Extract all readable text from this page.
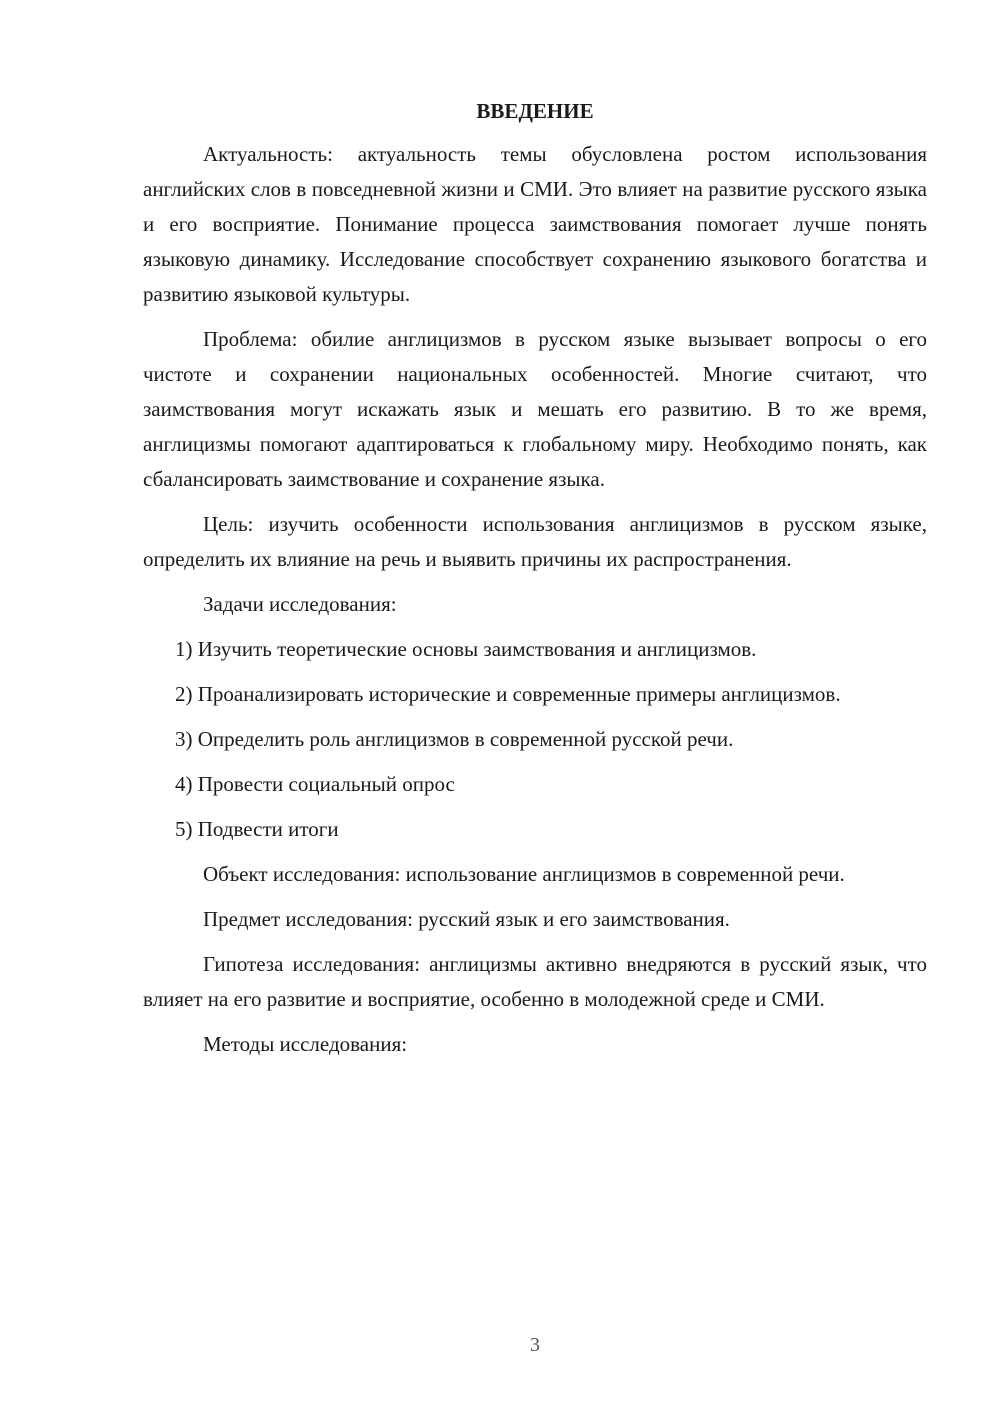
ВВЕДЕНИЕ

Актуальность: актуальность темы обусловлена ростом использования английских слов в повседневной жизни и СМИ. Это влияет на развитие русского языка и его восприятие. Понимание процесса заимствования помогает лучше понять языковую динамику. Исследование способствует сохранению языкового богатства и развитию языковой культуры.

Проблема: обилие англицизмов в русском языке вызывает вопросы о его чистоте и сохранении национальных особенностей. Многие считают, что заимствования могут искажать язык и мешать его развитию. В то же время, англицизмы помогают адаптироваться к глобальному миру. Необходимо понять, как сбалансировать заимствование и сохранение языка.

Цель: изучить особенности использования англицизмов в русском языке, определить их влияние на речь и выявить причины их распространения.

Задачи исследования:

1) Изучить теоретические основы заимствования и англицизмов.

2) Проанализировать исторические и современные примеры англицизмов.

3) Определить роль англицизмов в современной русской речи.

4) Провести социальный опрос

5) Подвести итоги

Объект исследования: использование англицизмов в современной речи.

Предмет исследования: русский язык и его заимствования.

Гипотеза исследования: англицизмы активно внедряются в русский язык, что влияет на его развитие и восприятие, особенно в молодежной среде и СМИ.

Методы исследования:

3
